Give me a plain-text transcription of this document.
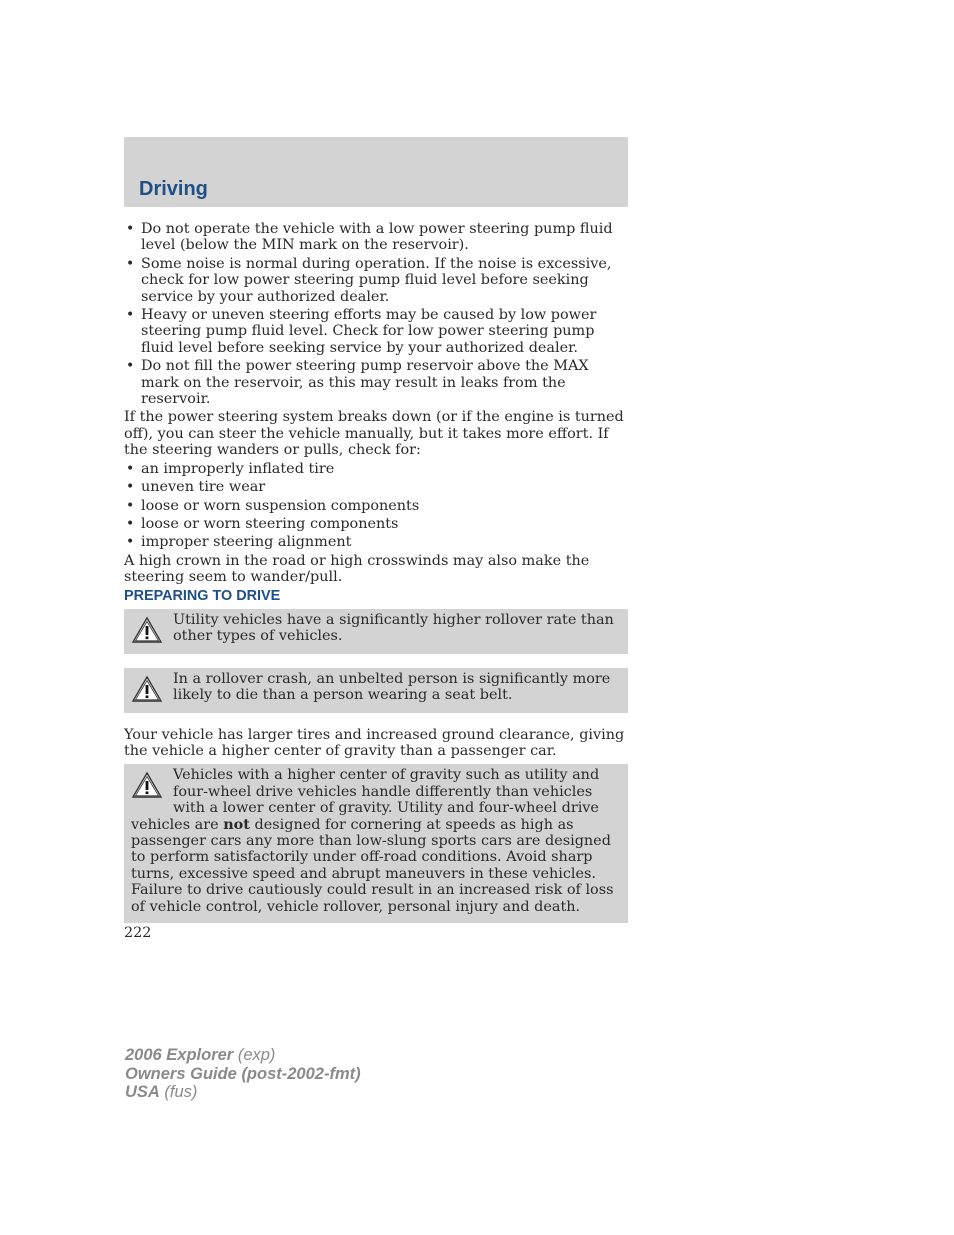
Driving
• Do not operate the vehicle with a low power steering pump fluid level (below the MIN mark on the reservoir).
• Some noise is normal during operation. If the noise is excessive, check for low power steering pump fluid level before seeking service by your authorized dealer.
• Heavy or uneven steering efforts may be caused by low power steering pump fluid level. Check for low power steering pump fluid level before seeking service by your authorized dealer.
• Do not fill the power steering pump reservoir above the MAX mark on the reservoir, as this may result in leaks from the reservoir.

If the power steering system breaks down (or if the engine is turned off), you can steer the vehicle manually, but it takes more effort. If the steering wanders or pulls, check for:

• an improperly inflated tire
• uneven tire wear
• loose or worn suspension components
• loose or worn steering components
• improper steering alignment

A high crown in the road or high crosswinds may also make the steering seem to wander/pull.

PREPARING TO DRIVE
Utility vehicles have a significantly higher rollover rate than other types of vehicles.
In a rollover crash, an unbelted person is significantly more likely to die than a person wearing a seat belt.

Your vehicle has larger tires and increased ground clearance, giving the vehicle a higher center of gravity than a passenger car.

Vehicles with a higher center of gravity such as utility and four-wheel drive vehicles handle differently than vehicles with a lower center of gravity. Utility and four-wheel drive vehicles are not designed for cornering at speeds as high as passenger cars any more than low-slung sports cars are designed to perform satisfactorily under off-road conditions. Avoid sharp turns, excessive speed and abrupt maneuvers in these vehicles. Failure to drive cautiously could result in an increased risk of loss of vehicle control, vehicle rollover, personal injury and death.
222
2006 Explorer (exp)
Owners Guide (post-2002-fmt)
USA (fus)
